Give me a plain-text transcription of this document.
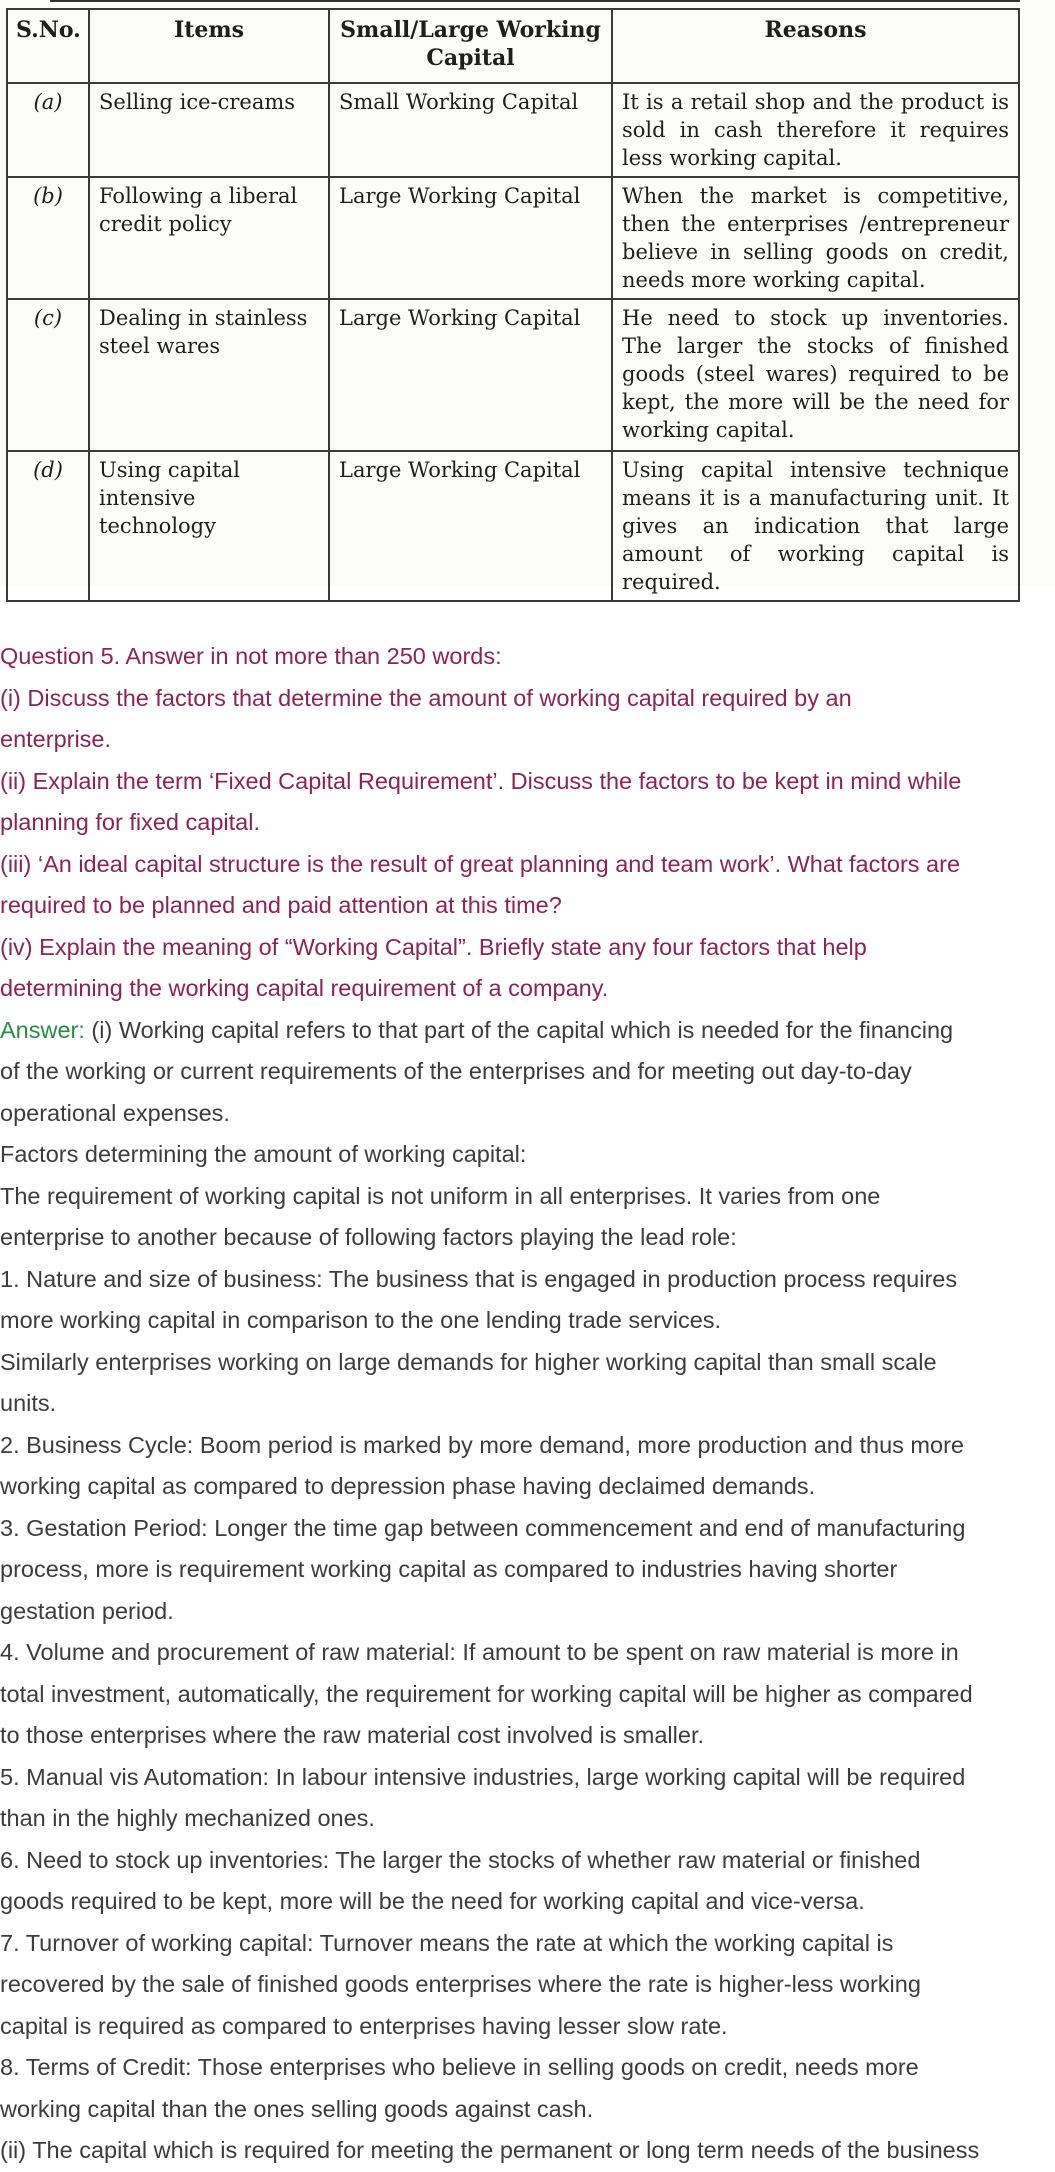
S.No.	Items	Small/Large Working Capital	Reasons
(a)	Selling ice-creams	Small Working Capital	It is a retail shop and the product is sold in cash therefore it requires less working capital.
(b)	Following a liberal credit policy	Large Working Capital	When the market is competitive, then the enterprises /entrepreneur believe in selling goods on credit, needs more working capital.
(c)	Dealing in stainless steel wares	Large Working Capital	He need to stock up inventories. The larger the stocks of finished goods (steel wares) required to be kept, the more will be the need for working capital.
(d)	Using capital intensive technology	Large Working Capital	Using capital intensive technique means it is a manufacturing unit. It gives an indication that large amount of working capital is required.

Question 5. Answer in not more than 250 words:

(i) Discuss the factors that determine the amount of working capital required by an

enterprise.

(ii) Explain the term ‘Fixed Capital Requirement’. Discuss the factors to be kept in mind while

planning for fixed capital.

(iii) ‘An ideal capital structure is the result of great planning and team work’. What factors are

required to be planned and paid attention at this time?

(iv) Explain the meaning of “Working Capital”. Briefly state any four factors that help

determining the working capital requirement of a company.

Answer: (i) Working capital refers to that part of the capital which is needed for the financing

of the working or current requirements of the enterprises and for meeting out day-to-day

operational expenses.

Factors determining the amount of working capital:

The requirement of working capital is not uniform in all enterprises. It varies from one

enterprise to another because of following factors playing the lead role:

1. Nature and size of business: The business that is engaged in production process requires

more working capital in comparison to the one lending trade services.

Similarly enterprises working on large demands for higher working capital than small scale

units.

2. Business Cycle: Boom period is marked by more demand, more production and thus more

working capital as compared to depression phase having declaimed demands.

3. Gestation Period: Longer the time gap between commencement and end of manufacturing

process, more is requirement working capital as compared to industries having shorter

gestation period.

4. Volume and procurement of raw material: If amount to be spent on raw material is more in

total investment, automatically, the requirement for working capital will be higher as compared

to those enterprises where the raw material cost involved is smaller.

5. Manual vis Automation: In labour intensive industries, large working capital will be required

than in the highly mechanized ones.

6. Need to stock up inventories: The larger the stocks of whether raw material or finished

goods required to be kept, more will be the need for working capital and vice-versa.

7. Turnover of working capital: Turnover means the rate at which the working capital is

recovered by the sale of finished goods enterprises where the rate is higher-less working

capital is required as compared to enterprises having lesser slow rate.

8. Terms of Credit: Those enterprises who believe in selling goods on credit, needs more

working capital than the ones selling goods against cash.

(ii) The capital which is required for meeting the permanent or long term needs of the business
